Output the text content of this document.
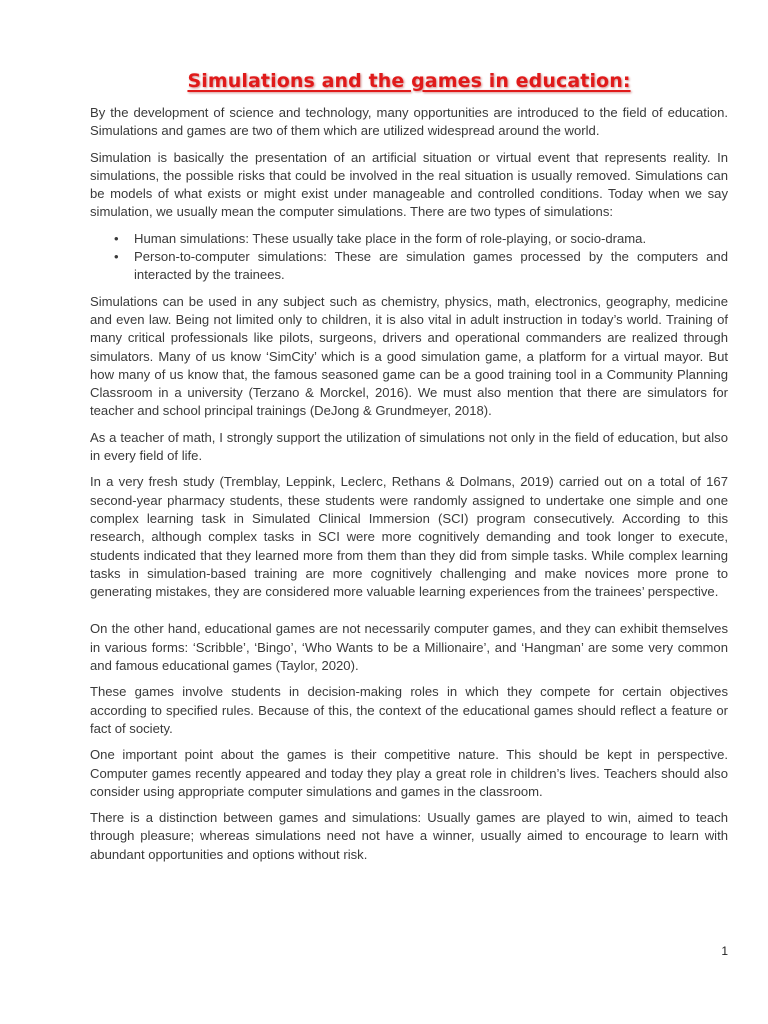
Simulations and the games in education:

By the development of science and technology, many opportunities are introduced to the field of education. Simulations and games are two of them which are utilized widespread around the world.

Simulation is basically the presentation of an artificial situation or virtual event that represents reality. In simulations, the possible risks that could be involved in the real situation is usually removed. Simulations can be models of what exists or might exist under manageable and controlled conditions. Today when we say simulation, we usually mean the computer simulations. There are two types of simulations:

• Human simulations: These usually take place in the form of role-playing, or socio-drama.
• Person-to-computer simulations: These are simulation games processed by the computers and interacted by the trainees.

Simulations can be used in any subject such as chemistry, physics, math, electronics, geography, medicine and even law. Being not limited only to children, it is also vital in adult instruction in today’s world. Training of many critical professionals like pilots, surgeons, drivers and operational commanders are realized through simulators. Many of us know ‘SimCity’ which is a good simulation game, a platform for a virtual mayor. But how many of us know that, the famous seasoned game can be a good training tool in a Community Planning Classroom in a university (Terzano & Morckel, 2016). We must also mention that there are simulators for teacher and school principal trainings (DeJong & Grundmeyer, 2018).

As a teacher of math, I strongly support the utilization of simulations not only in the field of education, but also in every field of life.

In a very fresh study (Tremblay, Leppink, Leclerc, Rethans & Dolmans, 2019) carried out on a total of 167 second-year pharmacy students, these students were randomly assigned to undertake one simple and one complex learning task in Simulated Clinical Immersion (SCI) program consecutively. According to this research, although complex tasks in SCI were more cognitively demanding and took longer to execute, students indicated that they learned more from them than they did from simple tasks. While complex learning tasks in simulation-based training are more cognitively challenging and make novices more prone to generating mistakes, they are considered more valuable learning experiences from the trainees’ perspective.

On the other hand, educational games are not necessarily computer games, and they can exhibit themselves in various forms: ‘Scribble’, ‘Bingo’, ‘Who Wants to be a Millionaire’, and ‘Hangman’ are some very common and famous educational games (Taylor, 2020).

These games involve students in decision-making roles in which they compete for certain objectives according to specified rules. Because of this, the context of the educational games should reflect a feature or fact of society.

One important point about the games is their competitive nature. This should be kept in perspective. Computer games recently appeared and today they play a great role in children’s lives. Teachers should also consider using appropriate computer simulations and games in the classroom.

There is a distinction between games and simulations: Usually games are played to win, aimed to teach through pleasure; whereas simulations need not have a winner, usually aimed to encourage to learn with abundant opportunities and options without risk.

1
